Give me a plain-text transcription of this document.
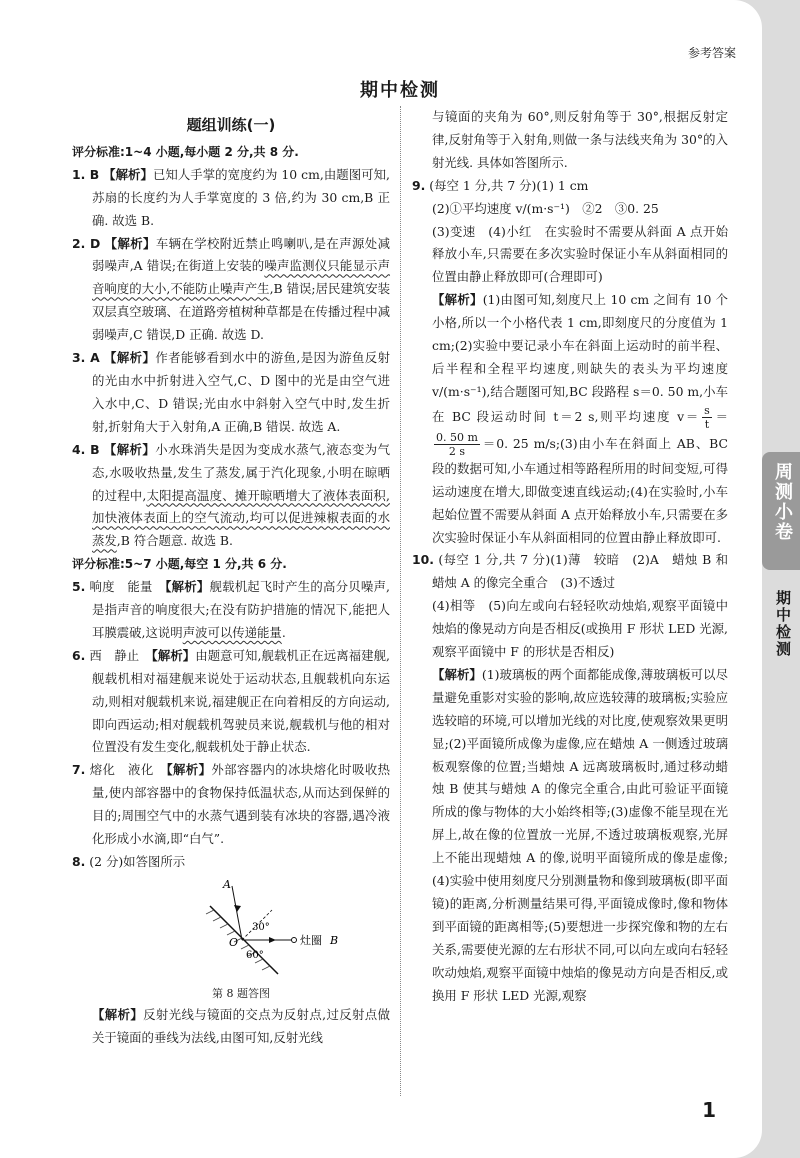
参考答案
期中检测
题组训练(一)

评分标准:1~4 小题,每小题 2 分,共 8 分.

1. B 【解析】已知人手掌的宽度约为 10 cm,由题图可知,苏扇的长度约为人手掌宽度的 3 倍,约为 30 cm,B 正确. 故选 B.

2. D 【解析】车辆在学校附近禁止鸣喇叭,是在声源处减弱噪声,A 错误;在街道上安装的噪声监测仪只能显示声音响度的大小,不能防止噪声产生,B 错误;居民建筑安装双层真空玻璃、在道路旁植树种草都是在传播过程中减弱噪声,C 错误,D 正确. 故选 D.

3. A 【解析】作者能够看到水中的游鱼,是因为游鱼反射的光由水中折射进入空气,C、D 图中的光是由空气进入水中,C、D 错误;光由水中斜射入空气中时,发生折射,折射角大于入射角,A 正确,B 错误. 故选 A.

4. B 【解析】小水珠消失是因为变成水蒸气,液态变为气态,水吸收热量,发生了蒸发,属于汽化现象,小明在晾晒的过程中,太阳提高温度、摊开晾晒增大了液体表面积,加快液体表面上的空气流动,均可以促进辣椒表面的水蒸发,B 符合题意. 故选 B.

评分标准:5~7 小题,每空 1 分,共 6 分.

5. 响度　能量　【解析】舰载机起飞时产生的高分贝噪声,是指声音的响度很大;在没有防护措施的情况下,能把人耳膜震破,这说明声波可以传递能量.

6. 西　静止　【解析】由题意可知,舰载机正在远离福建舰,舰载机相对福建舰来说处于运动状态,且舰载机向东运动,则相对舰载机来说,福建舰正在向着相反的方向运动,即向西运动;相对舰载机驾驶员来说,舰载机与他的相对位置没有发生变化,舰载机处于静止状态.

7. 熔化　液化　【解析】外部容器内的冰块熔化时吸收热量,使内部容器中的食物保持低温状态,从而达到保鲜的目的;周围空气中的水蒸气遇到装有冰块的容器,遇冷液化形成小水滴,即“白气”.

8. (2 分)如答图所示

A
O
30°
60°
灶圈 B
第 8 题答图

【解析】反射光线与镜面的交点为反射点,过反射点做关于镜面的垂线为法线,由图可知,反射光线

与镜面的夹角为 60°,则反射角等于 30°,根据反射定律,反射角等于入射角,则做一条与法线夹角为 30°的入射光线. 具体如答图所示.

9. (每空 1 分,共 7 分)(1) 1 cm

(2)①平均速度 v/(m·s⁻¹)　②2　③0. 25

(3)变速　(4)小红　在实验时不需要从斜面 A 点开始释放小车,只需要在多次实验时保证小车从斜面相同的位置由静止释放即可(合理即可)

【解析】(1)由图可知,刻度尺上 10 cm 之间有 10 个小格,所以一个小格代表 1 cm,即刻度尺的分度值为 1 cm;(2)实验中要记录小车在斜面上运动时的前半程、后半程和全程平均速度,则缺失的表头为平均速度 v/(m·s⁻¹),结合题图可知,BC 段路程 s＝0. 50 m,小车在 BC 段运动时间 t＝2 s,则平均速度 $v= \frac{s}{t}$ ＝
$\frac{0. 50 m}{2 s} =0$. 25 m/s;(3)由小车在斜面上 AB、BC 段的数据可知,小车通过相等路程所用的时间变短,可得运动速度在增大,即做变速直线运动;(4)在实验时,小车起始位置不需要从斜面 A 点开始释放小车,只需要在多次实验时保证小车从斜面相同的位置由静止释放即可.

10. (每空 1 分,共 7 分)(1)薄　较暗　(2)A　蜡烛 B 和蜡烛 A 的像完全重合　(3)不透过

(4)相等　(5)向左或向右轻轻吹动烛焰,观察平面镜中烛焰的像晃动方向是否相反(或换用 F 形状 LED 光源,观察平面镜中 F 的形状是否相反)

【解析】(1)玻璃板的两个面都能成像,薄玻璃板可以尽量避免重影对实验的影响,故应选较薄的玻璃板;实验应选较暗的环境,可以增加光线的对比度,使观察效果更明显;(2)平面镜所成像为虚像,应在蜡烛 A 一侧透过玻璃板观察像的位置;当蜡烛 A 远离玻璃板时,通过移动蜡烛 B 使其与蜡烛 A 的像完全重合,由此可验证平面镜所成的像与物体的大小始终相等;(3)虚像不能呈现在光屏上,故在像的位置放一光屏,不透过玻璃板观察,光屏上不能出现蜡烛 A 的像,说明平面镜所成的像是虚像;(4)实验中使用刻度尺分别测量物和像到玻璃板(即平面镜)的距离,分析测量结果可得,平面镜成像时,像和物体到平面镜的距离相等;(5)要想进一步探究像和物的左右关系,需要使光源的左右形状不同,可以向左或向右轻轻吹动烛焰,观察平面镜中烛焰的像晃动方向是否相反,或换用 F 形状 LED 光源,观察

1
周测小卷
期中检测
